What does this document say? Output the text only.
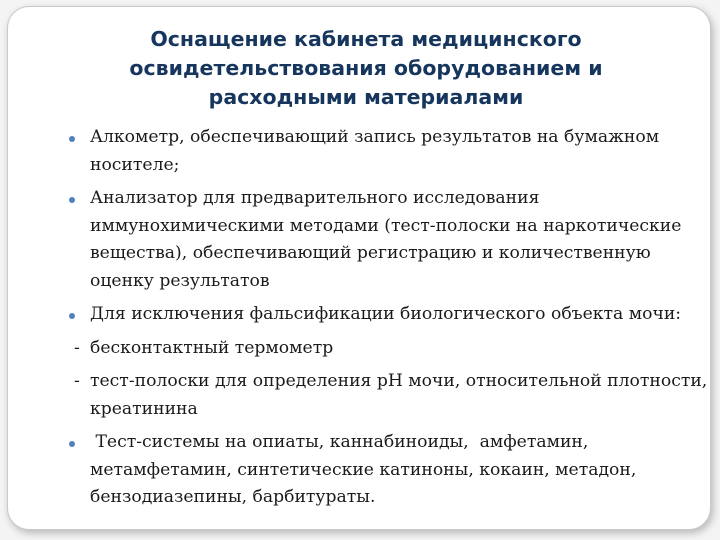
Оснащение кабинета медицинского освидетельствования оборудованием и расходными материалами
Алкометр, обеспечивающий запись результатов на бумажном носителе;
Анализатор для предварительного исследования иммунохимическими методами (тест-полоски на наркотические вещества), обеспечивающий регистрацию и количественную оценку результатов
Для исключения фальсификации биологического объекта мочи:
- бесконтактный термометр
- тест-полоски для определения рН мочи, относительной плотности, креатинина
Тест-системы на опиаты, каннабиноиды,  амфетамин, метамфетамин, синтетические катиноны, кокаин, метадон, бензодиазепины, барбитураты.
